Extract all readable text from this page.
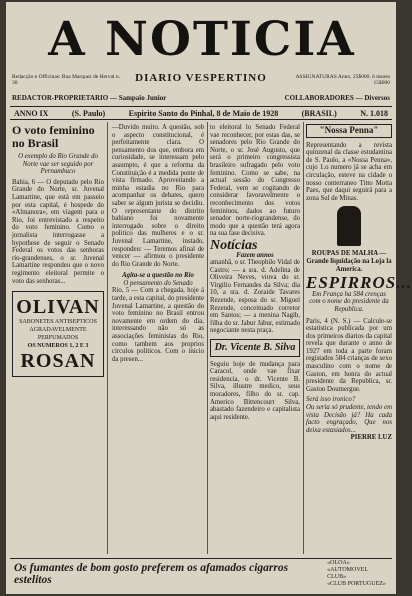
A NOTICIA
Redacção e Officinas: Rua Marquez de Herval n. 30	DIARIO VESPERTINO	ASSIGNATURAS Anno, 25$000. 6 mezes 15$000
REDACTOR-PROPRIETARIO — Sampaio Junior	COLLABORADORES — Diversos
ANNO IX	(S. Paulo)	Espirito Santo do Pinhal, 8 de Maio de 1928	(BRASIL)	N. 1.018
O voto feminino no Brasil
O exemplo do Rio Grande do Norte vae ser seguido por Pernambuco
Bahia, 6 — O deputado pelo Rio Grande do Norte, sr. Juvenal Lamartine, que está em passeio por esta capital, é hospede do «Almanora», em viagem para o Rio, foi entrevistado a respeito do voto feminino. Como o jornalista interrogasse a hypothese de seguir o Senado Federal os votos das senhoras rio-grandenses, o sr. Juvenal Lamartine respondeu que o novo regimento eleitoral permite o voto das senhoras...
OLIVAN
SABONETES ANTISEPTICOS
AGRADAVELMENTE PERFUMADOS
OS NUMEROS 1, 2 E 3
ROSAN
—Duvido muito. A questão, sob o aspecto constitucional, é perfeitamente clara. O pensamento dos que, embora em curiosidade, se interessam pelo assumpto, é que a reforma da Constituição é a medida ponte de vista firmado. Aproveitando a minha estadia no Rio para acompanhar os debates, quero saber se algum jurista se decidiu. O representante do distrito bahiano foi novamente interrogado sobre o direito politico das mulheres e o sr. Juvenal Lamartine, instado, respondeu: — Teremos afinal de vencer — afirmou o presidente do Rio Grande do Norte.
Agita-se a questão no Rio
O pensamento do Senado
Rio, 5 — Com a chegada, hoje á tarde, a esta capital, do presidente Juvenal Lamartine, a questão do voto feminino no Brasil entrou novamente em ordem do dia, interessando não só as associações feministas do Rio, como tambem aos proprios circulos politicos. Com o inicio da presen...
to eleitoral lo Senado Federal vae reconhecer, por estas das, se senadores pelo Rio Grande do Norte, o sr. José Augusto, que será o primeiro congressista brasileiro sufragado pelo voto feminino. Como se sabe, na actual sessão do Congresso Federal, vem se cogitando de considerar favoravelmente o reconhecimento dos votos femininos, dados ao futuro senador norte-riograndense, do modo que a questão terá agora na sua fase decisiva.
Notícias
Fazem annos
amanhã, o sr. Theophilo Vidal de Castro; — a sra. d. Adelina de Oliveira Neves, viuva do sr. Virgilio Fernandes da Silva; dia 10, a sra. d. Zoraide Tavares Rezende, esposa do sr. Miguel Rezende, conceituado corretor em Santos; — a menina Nagib, filha do sr. Jabur Jabur, estimado negociante nesta praça.
Dr. Vicente B. Silva
Seguiu hoje de mudança para Caracol, onde vae fixar residencia, o dr. Vicente B. Silva, illustre medico, seus moradores, filho do sr. cap. Americo Bittencourt Silva, abastado fazendeiro e capitalista aqui residente.
"Nossa Penna"
Representando a revista quinzenal da classe estudantina de S. Paulo, a «Nossa Penna», cujo 1.o numero já se acha em circulação, esteve na cidade o nosso conterraneo Titto Motta Paes, que daqui seguirá para a zona Sul de Minas.
ROUPAS DE MALHA — Grande liquidação na Loja la America.
ESPIRROS...
Em França ha 584 crenças com o nome do presidente da Republica.
Paris, 4 (N. S.) — Calcule-se estatistica publicada por um dos primeiros diarios da capital revela que durante o anno de 1927 em toda a parte foram registados 584 crianças de sexo masculino com o nome de Gaston, em honra do actual presidente da Republica, sr. Gaston Doumergue.
Será isso ironico?
Ou seria só prudente, tendo em vista Decisão já? Ha cada facto engraçado, Que nos deixa estasiados...
PIERRE LUZ
Os fumantes de bom gosto preferem os afamados cigarros estelitos
«OLOA»
«AUTOMOVEL CLUB»
«CLUB PORTUGUEZ»
